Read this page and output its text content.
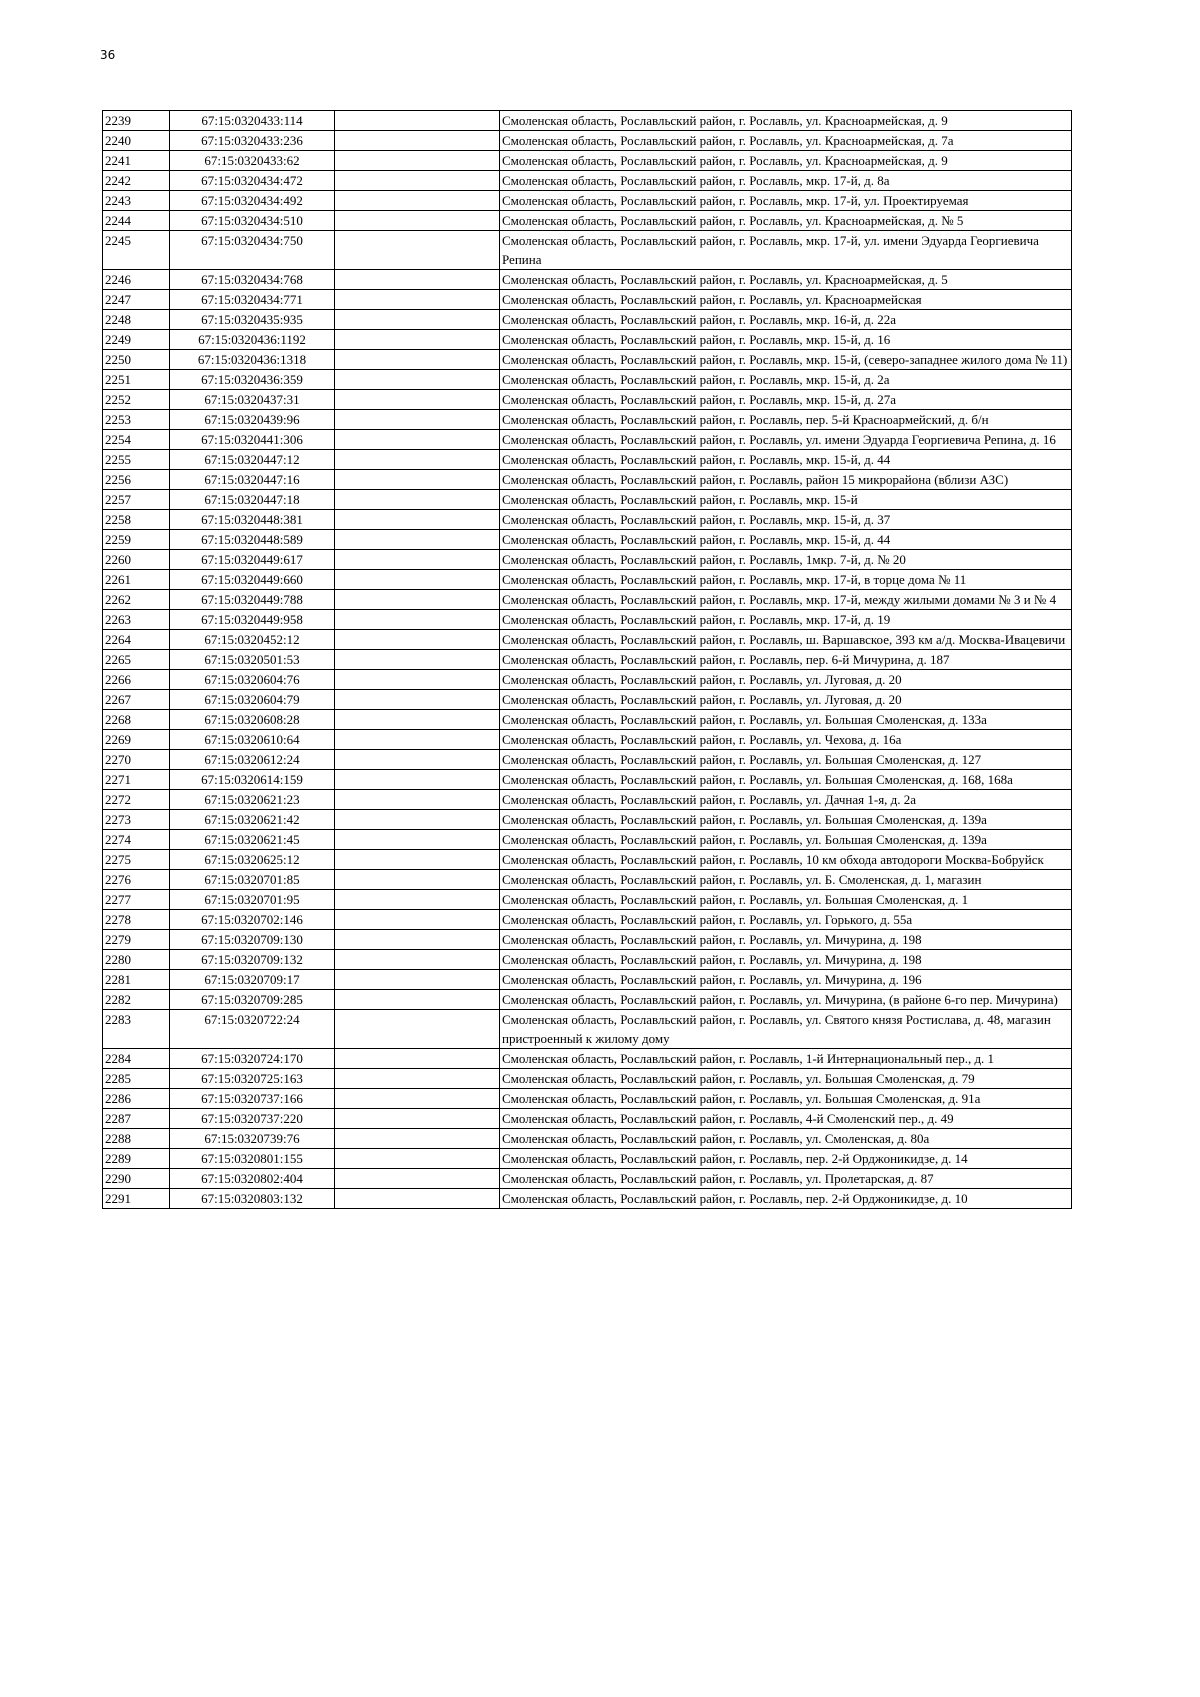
36
2239	67:15:0320433:114		Смоленская область, Рославльский район, г. Рославль, ул. Красноармейская, д. 9
2240	67:15:0320433:236		Смоленская область, Рославльский район, г. Рославль, ул. Красноармейская, д. 7а
2241	67:15:0320433:62		Смоленская область, Рославльский район, г. Рославль, ул. Красноармейская, д. 9
2242	67:15:0320434:472		Смоленская область, Рославльский район, г. Рославль, мкр. 17-й, д. 8а
2243	67:15:0320434:492		Смоленская область, Рославльский район, г. Рославль, мкр. 17-й, ул. Проектируемая
2244	67:15:0320434:510		Смоленская область, Рославльский район, г. Рославль, ул. Красноармейская, д. № 5
2245	67:15:0320434:750		Смоленская область, Рославльский район, г. Рославль, мкр. 17-й, ул. имени Эдуарда Георгиевича Репина
2246	67:15:0320434:768		Смоленская область, Рославльский район, г. Рославль, ул. Красноармейская, д. 5
2247	67:15:0320434:771		Смоленская область, Рославльский район, г. Рославль, ул. Красноармейская
2248	67:15:0320435:935		Смоленская область, Рославльский район, г. Рославль, мкр. 16-й, д. 22а
2249	67:15:0320436:1192		Смоленская область, Рославльский район, г. Рославль, мкр. 15-й, д. 16
2250	67:15:0320436:1318		Смоленская область, Рославльский район, г. Рославль, мкр. 15-й, (северо-западнее жилого дома № 11)
2251	67:15:0320436:359		Смоленская область, Рославльский район, г. Рославль, мкр. 15-й, д. 2а
2252	67:15:0320437:31		Смоленская область, Рославльский район, г. Рославль, мкр. 15-й, д. 27а
2253	67:15:0320439:96		Смоленская область, Рославльский район, г. Рославль, пер. 5-й Красноармейский, д. б/н
2254	67:15:0320441:306		Смоленская область, Рославльский район, г. Рославль, ул. имени Эдуарда Георгиевича Репина, д. 16
2255	67:15:0320447:12		Смоленская область, Рославльский район, г. Рославль, мкр. 15-й, д. 44
2256	67:15:0320447:16		Смоленская область, Рославльский район, г. Рославль, район 15 микрорайона (вблизи АЗС)
2257	67:15:0320447:18		Смоленская область, Рославльский район, г. Рославль, мкр. 15-й
2258	67:15:0320448:381		Смоленская область, Рославльский район, г. Рославль, мкр. 15-й, д. 37
2259	67:15:0320448:589		Смоленская область, Рославльский район, г. Рославль, мкр. 15-й, д. 44
2260	67:15:0320449:617		Смоленская область, Рославльский район, г. Рославль, 1мкр. 7-й, д. № 20
2261	67:15:0320449:660		Смоленская область, Рославльский район, г. Рославль, мкр. 17-й, в торце дома № 11
2262	67:15:0320449:788		Смоленская область, Рославльский район, г. Рославль, мкр. 17-й, между жилыми домами № 3 и № 4
2263	67:15:0320449:958		Смоленская область, Рославльский район, г. Рославль, мкр. 17-й, д. 19
2264	67:15:0320452:12		Смоленская область, Рославльский район, г. Рославль, ш. Варшавское, 393 км а/д. Москва-Ивацевичи
2265	67:15:0320501:53		Смоленская область, Рославльский район, г. Рославль, пер. 6-й Мичурина, д. 187
2266	67:15:0320604:76		Смоленская область, Рославльский район, г. Рославль, ул. Луговая, д. 20
2267	67:15:0320604:79		Смоленская область, Рославльский район, г. Рославль, ул. Луговая, д. 20
2268	67:15:0320608:28		Смоленская область, Рославльский район, г. Рославль, ул. Большая Смоленская, д. 133а
2269	67:15:0320610:64		Смоленская область, Рославльский район, г. Рославль, ул. Чехова, д. 16а
2270	67:15:0320612:24		Смоленская область, Рославльский район, г. Рославль, ул. Большая Смоленская, д. 127
2271	67:15:0320614:159		Смоленская область, Рославльский район, г. Рославль, ул. Большая Смоленская, д. 168, 168а
2272	67:15:0320621:23		Смоленская область, Рославльский район, г. Рославль, ул. Дачная 1-я, д. 2а
2273	67:15:0320621:42		Смоленская область, Рославльский район, г. Рославль, ул. Большая Смоленская, д. 139а
2274	67:15:0320621:45		Смоленская область, Рославльский район, г. Рославль, ул. Большая Смоленская, д. 139а
2275	67:15:0320625:12		Смоленская область, Рославльский район, г. Рославль, 10 км обхода автодороги Москва-Бобруйск
2276	67:15:0320701:85		Смоленская область, Рославльский район, г. Рославль, ул. Б. Смоленская, д. 1, магазин
2277	67:15:0320701:95		Смоленская область, Рославльский район, г. Рославль, ул. Большая Смоленская, д. 1
2278	67:15:0320702:146		Смоленская область, Рославльский район, г. Рославль, ул. Горького, д. 55а
2279	67:15:0320709:130		Смоленская область, Рославльский район, г. Рославль, ул. Мичурина, д. 198
2280	67:15:0320709:132		Смоленская область, Рославльский район, г. Рославль, ул. Мичурина, д. 198
2281	67:15:0320709:17		Смоленская область, Рославльский район, г. Рославль, ул. Мичурина, д. 196
2282	67:15:0320709:285		Смоленская область, Рославльский район, г. Рославль, ул. Мичурина, (в районе 6-го пер. Мичурина)
2283	67:15:0320722:24		Смоленская область, Рославльский район, г. Рославль, ул. Святого князя Ростислава, д. 48, магазин пристроенный к жилому дому
2284	67:15:0320724:170		Смоленская область, Рославльский район, г. Рославль, 1-й Интернациональный пер., д. 1
2285	67:15:0320725:163		Смоленская область, Рославльский район, г. Рославль, ул. Большая Смоленская, д. 79
2286	67:15:0320737:166		Смоленская область, Рославльский район, г. Рославль, ул. Большая Смоленская, д. 91а
2287	67:15:0320737:220		Смоленская область, Рославльский район, г. Рославль, 4-й Смоленский пер., д. 49
2288	67:15:0320739:76		Смоленская область, Рославльский район, г. Рославль, ул. Смоленская, д. 80а
2289	67:15:0320801:155		Смоленская область, Рославльский район, г. Рославль, пер. 2-й Орджоникидзе, д. 14
2290	67:15:0320802:404		Смоленская область, Рославльский район, г. Рославль, ул. Пролетарская, д. 87
2291	67:15:0320803:132		Смоленская область, Рославльский район, г. Рославль, пер. 2-й Орджоникидзе, д. 10
